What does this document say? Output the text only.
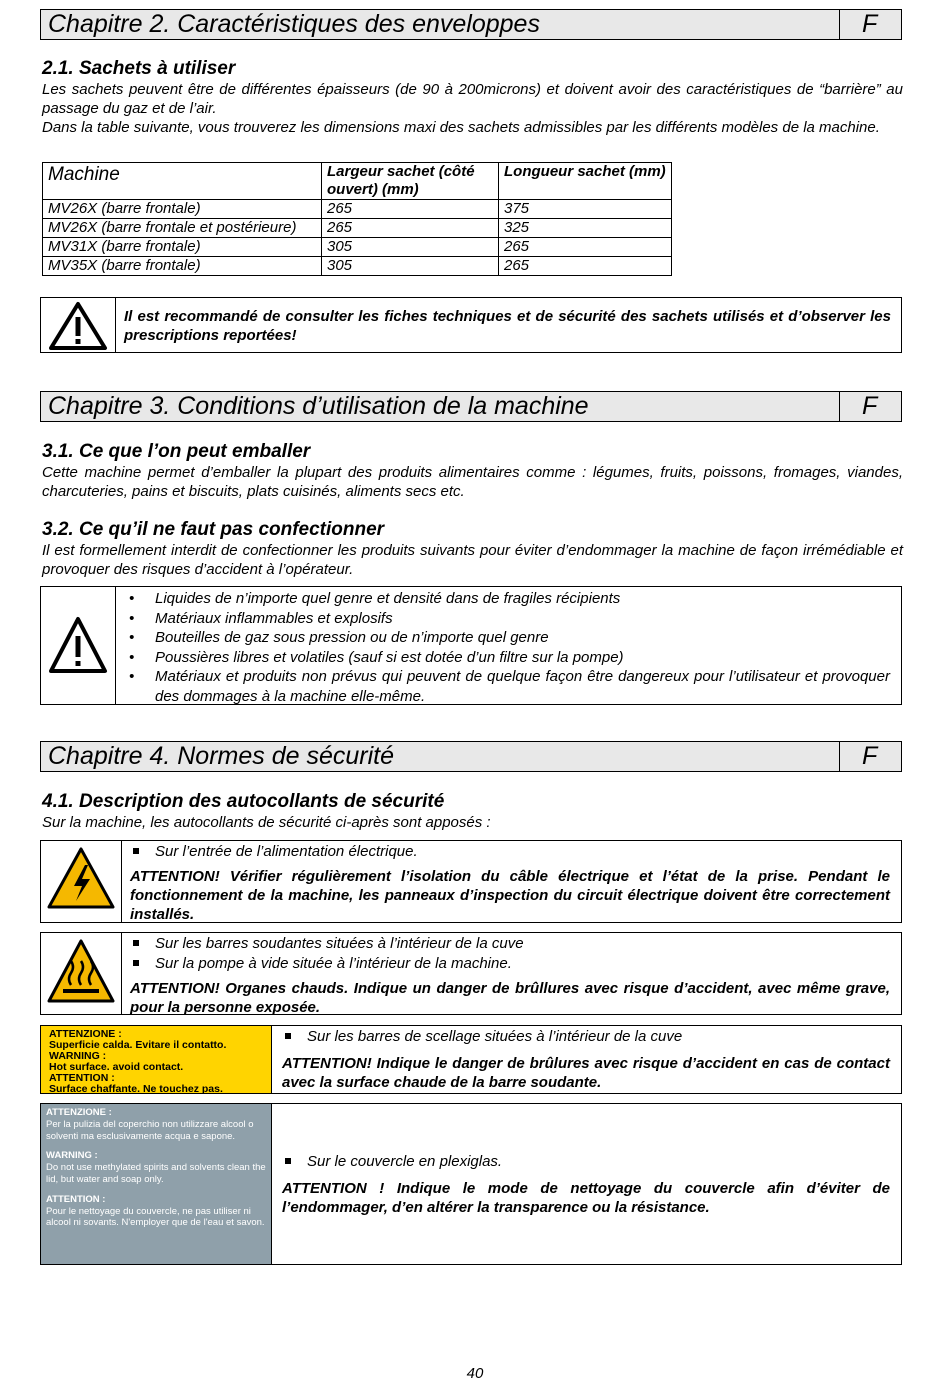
Chapitre 2. Caractéristiques des enveloppes	F
2.1. Sachets à utiliser
Les sachets peuvent être de différentes épaisseurs (de 90 à 200microns) et doivent avoir des caractéristiques de “barrière” au passage du gaz et de l’air.
Dans la table suivante, vous trouverez les dimensions maxi des sachets admissibles par les différents modèles de la machine.
Machine	Largeur sachet (côté ouvert) (mm)	Longueur sachet (mm)
MV26X (barre frontale)	265	375
MV26X (barre frontale et postérieure)	265	325
MV31X (barre frontale)	305	265
MV35X (barre frontale)	305	265
Il est recommandé de consulter les fiches techniques et de sécurité des sachets utilisés et d’observer les prescriptions reportées!
Chapitre 3. Conditions d’utilisation de la machine	F
3.1. Ce que l’on peut emballer
Cette machine permet d’emballer la plupart des produits alimentaires comme : légumes, fruits, poissons, fromages, viandes, charcuteries, pains et biscuits, plats cuisinés, aliments secs etc.
3.2. Ce qu’il ne faut pas confectionner
Il est formellement interdit de confectionner les produits suivants pour éviter d’endommager la machine de façon irrémédiable et provoquer des risques d’accident à l’opérateur.
• Liquides de n’importe quel genre et densité dans de fragiles récipients
• Matériaux inflammables et explosifs
• Bouteilles de gaz sous pression ou de n’importe quel genre
• Poussières libres et volatiles (sauf si est dotée d’un filtre sur la pompe)
• Matériaux et produits non prévus qui peuvent de quelque façon être dangereux pour l’utilisateur et provoquer des dommages à la machine elle-même.
Chapitre 4. Normes de sécurité	F
4.1. Description des autocollants de sécurité
Sur la machine, les autocollants de sécurité ci-après sont apposés :
Sur l’entrée de l’alimentation électrique.
ATTENTION! Vérifier régulièrement l’isolation du câble électrique et l’état de la prise. Pendant le fonctionnement de la machine, les panneaux d’inspection du circuit électrique doivent être correctement installés.
Sur les barres soudantes situées à l’intérieur de la cuve
Sur la pompe à vide située à l’intérieur de la machine.
ATTENTION! Organes chauds. Indique un danger de brûllures avec risque d’accident, avec même grave, pour la personne exposée.
ATTENZIONE :
Superficie calda. Evitare il contatto.
WARNING :
Hot surface. avoid contact.
ATTENTION :
Surface chaffante. Ne touchez pas.
Sur les barres de scellage situées à l’intérieur de la cuve
ATTENTION! Indique le danger de brûlures avec risque d’accident en cas de contact avec la surface chaude de la barre soudante.
ATTENZIONE :
Per la pulizia del coperchio non utilizzare alcool o solventi ma esclusivamente acqua e sapone.
WARNING :
Do not use methylated spirits and solvents clean the lid, but water and soap only.
ATTENTION :
Pour le nettoyage du couvercle, ne pas utiliser ni alcool ni sovants. N'employer que de l'eau et savon.
Sur le couvercle en plexiglas.
ATTENTION ! Indique le mode de nettoyage du couvercle afin d’éviter de l’endommager, d’en altérer la transparence ou la résistance.
40
